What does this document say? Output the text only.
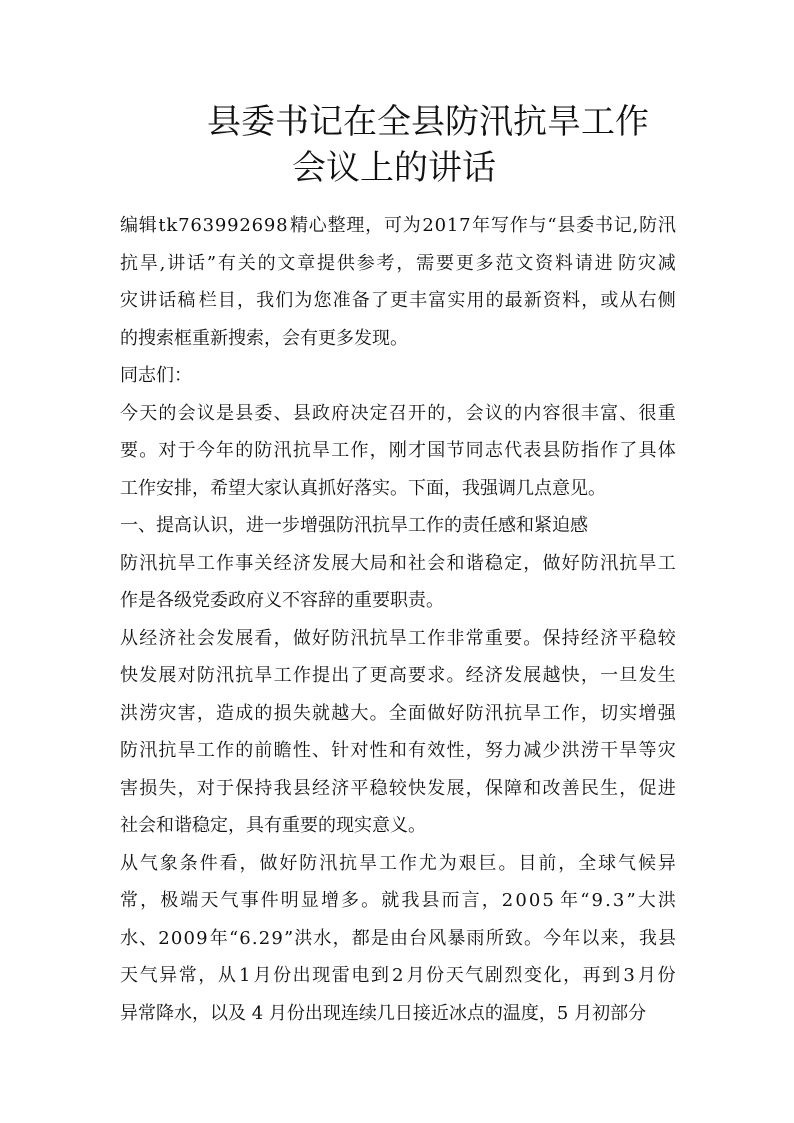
县委书记在全县防汛抗旱工作
会议上的讲话
编 辑 t k 7 6 3 9 9 2 6 9 8 精 心 整 理 ， 可 为 2 0 1 7 年 写 作 与 “ 县 委 书 记 , 防 汛
抗 旱 , 讲 话 ” 有 关 的 文 章 提 供 参 考 ， 需 要 更 多 范 文 资 料 请 进 防 灾 减
灾 讲 话 稿 栏 目 ， 我 们 为 您 准 备 了 更 丰 富 实 用 的 最 新 资 料 ， 或 从 右 侧
的搜索框重新搜索，会有更多发现。
同志们：
今 天 的 会 议 是 县 委 、 县 政 府 决 定 召 开 的 ， 会 议 的 内 容 很 丰 富 、 很 重
要 。 对 于 今 年 的 防 汛 抗 旱 工 作 ， 刚 才 国 节 同 志 代 表 县 防 指 作 了 具 体
工作安排，希望大家认真抓好落实。下面，我强调几点意见。
一、提高认识，进一步增强防汛抗旱工作的责任感和紧迫感
防 汛 抗 旱 工 作 事 关 经 济 发 展 大 局 和 社 会 和 谐 稳 定 ， 做 好 防 汛 抗 旱 工
作是各级党委政府义不容辞的重要职责。
从 经 济 社 会 发 展 看 ， 做 好 防 汛 抗 旱 工 作 非 常 重 要 。 保 持 经 济 平 稳 较
快 发 展 对 防 汛 抗 旱 工 作 提 出 了 更 高 要 求 。 经 济 发 展 越 快 ， 一 旦 发 生
洪 涝 灾 害 ， 造 成 的 损 失 就 越 大 。 全 面 做 好 防 汛 抗 旱 工 作 ， 切 实 增 强
防 汛 抗 旱 工 作 的 前 瞻 性 、 针 对 性 和 有 效 性 ， 努 力 减 少 洪 涝 干 旱 等 灾
害 损 失 ， 对 于 保 持 我 县 经 济 平 稳 较 快 发 展 ， 保 障 和 改 善 民 生 ， 促 进
社会和谐稳定，具有重要的现实意义。
从 气 象 条 件 看 ， 做 好 防 汛 抗 旱 工 作 尤 为 艰 巨 。 目 前 ， 全 球 气 候 异
常 ， 极 端 天 气 事 件 明 显 增 多 。 就 我 县 而 言 ， 2 0 0 5 年 “ 9 . 3 ” 大 洪
水 、 2 0 0 9 年 “ 6 . 2 9 ” 洪 水 ， 都 是 由 台 风 暴 雨 所 致 。 今 年 以 来 ， 我 县
天 气 异 常 ， 从 1 月 份 出 现 雷 电 到 2 月 份 天 气 剧 烈 变 化 ， 再 到 3 月 份
异常降水，以及 4 月份出现连续几日接近冰点的温度，5 月初部分
